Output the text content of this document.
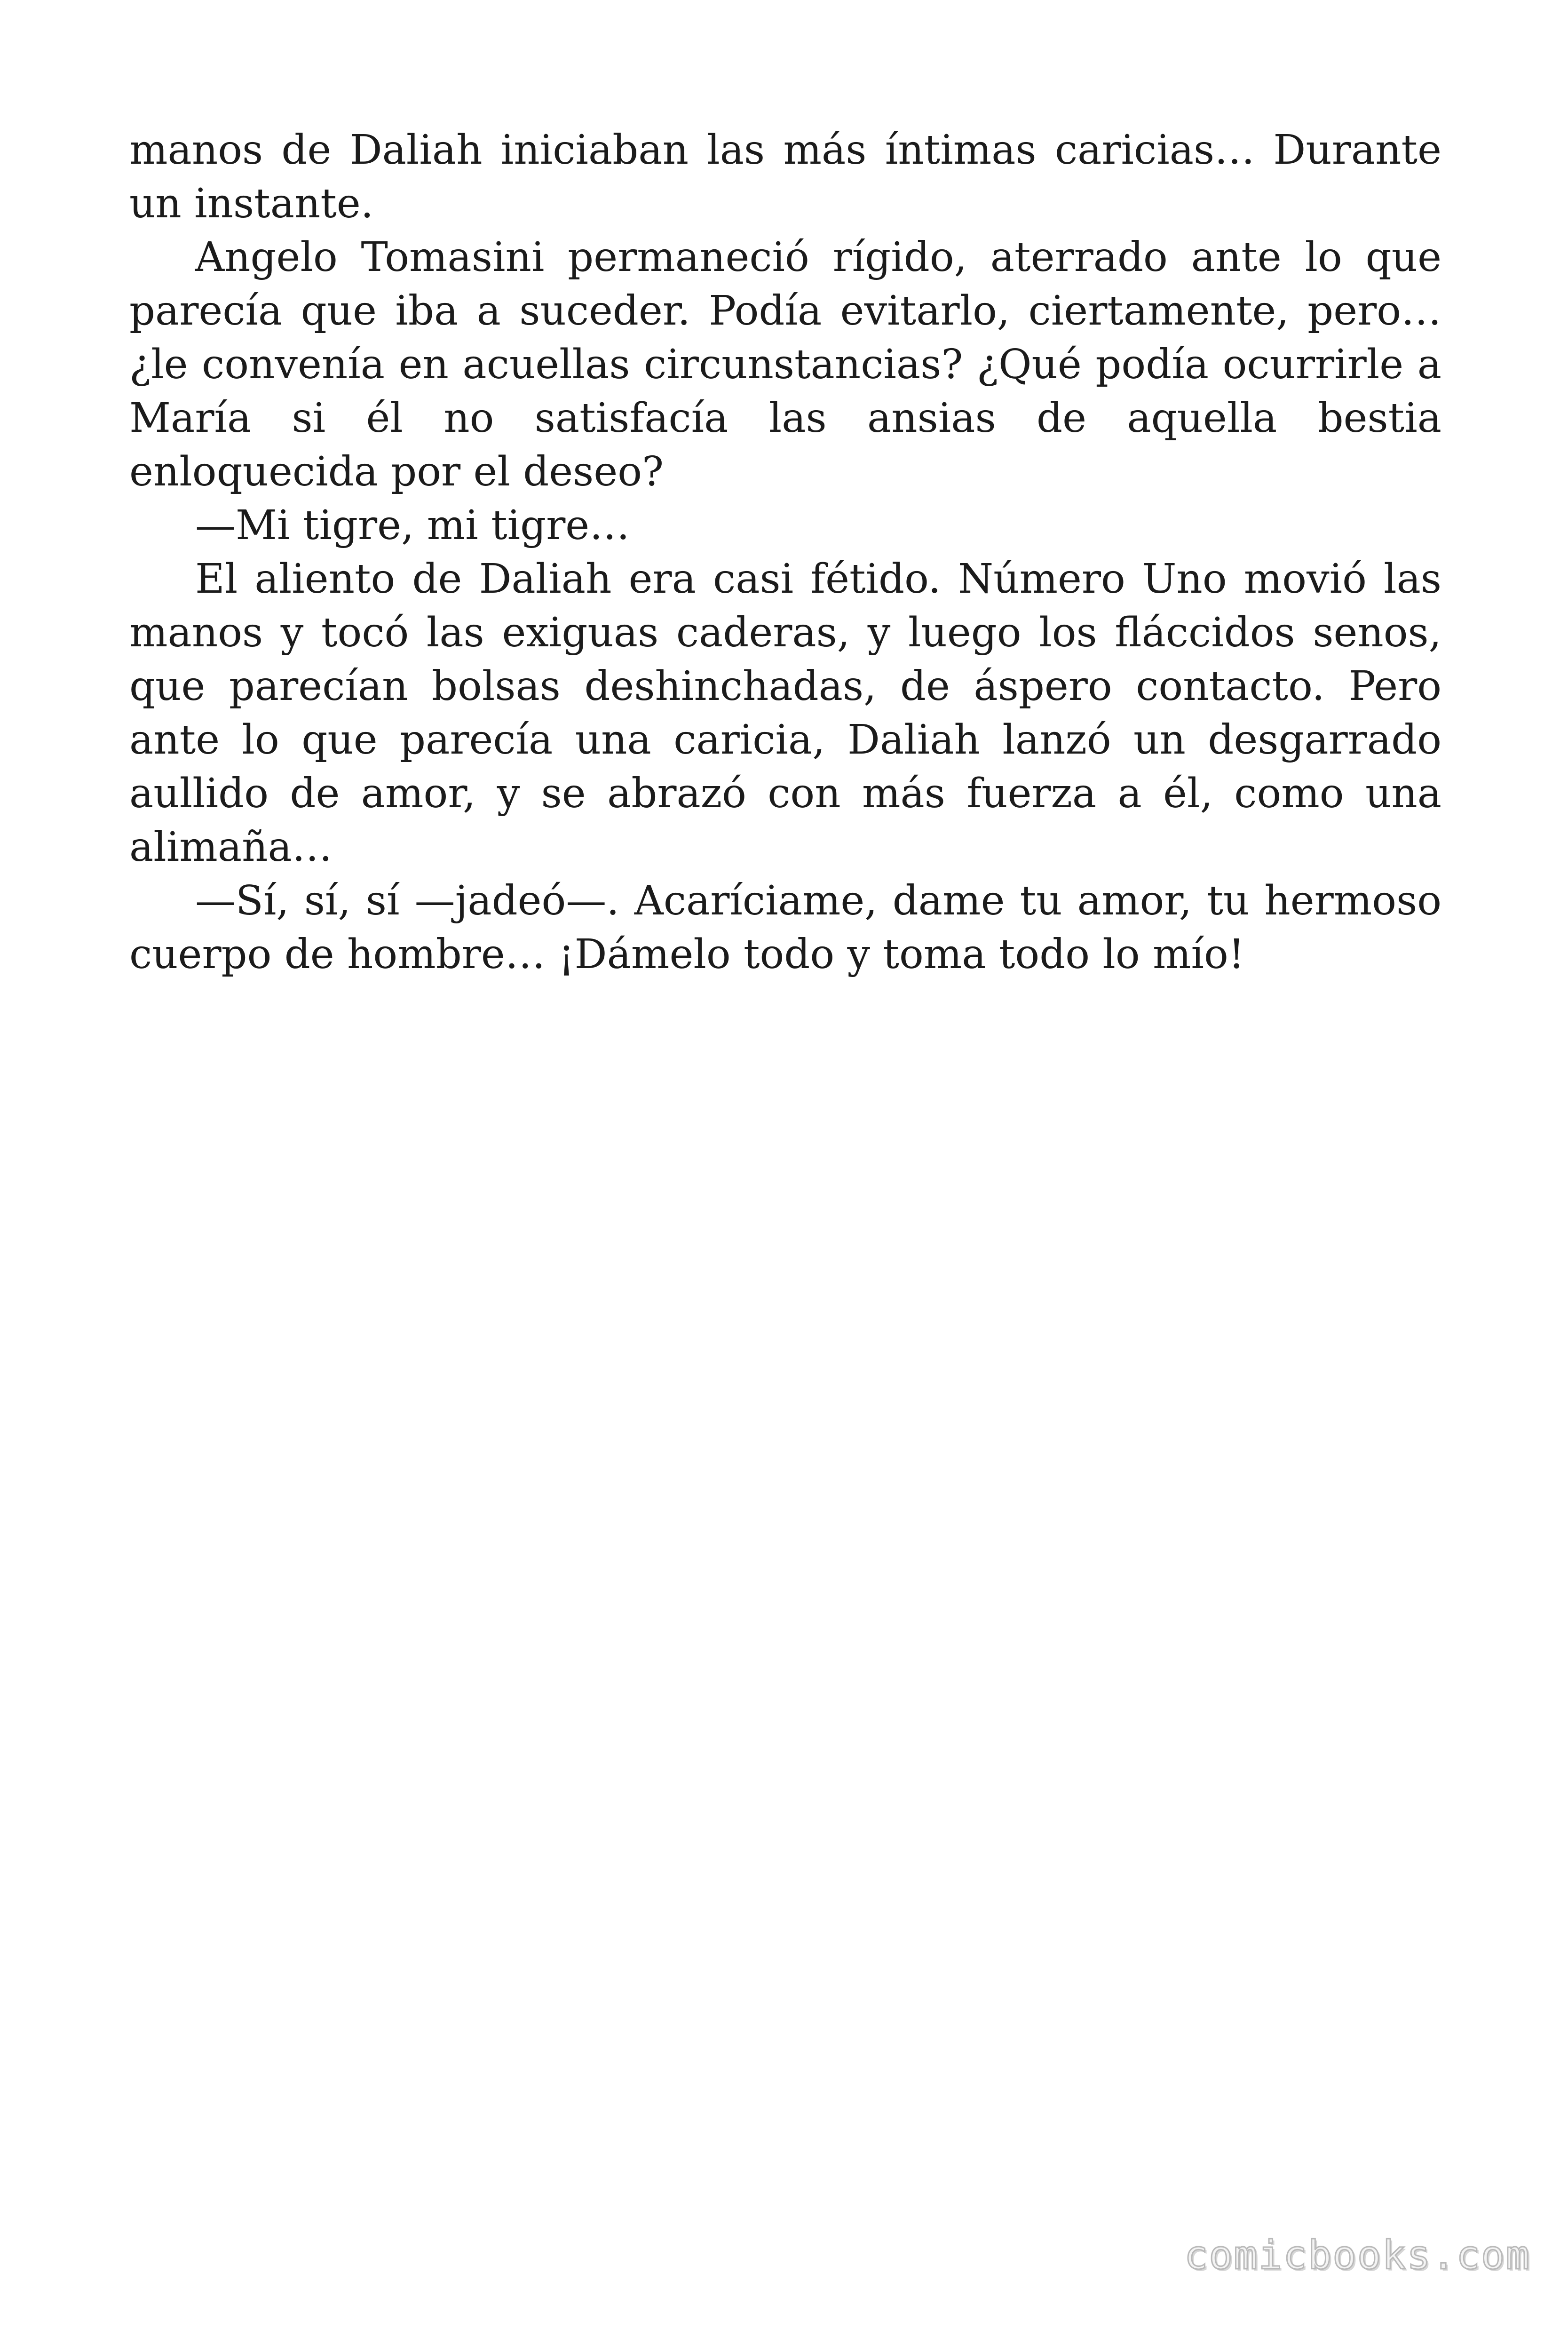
manos de Daliah iniciaban las más íntimas caricias… Durante un instante.

Angelo Tomasini permaneció rígido, aterrado ante lo que parecía que iba a suceder. Podía evitarlo, ciertamente, pero… ¿le convenía en acuellas circunstancias? ¿Qué podía ocurrirle a María si él no satisfacía las ansias de aquella bestia enloquecida por el deseo?

—Mi tigre, mi tigre…

El aliento de Daliah era casi fétido. Número Uno movió las manos y tocó las exiguas caderas, y luego los fláccidos senos, que parecían bolsas deshinchadas, de áspero contacto. Pero ante lo que parecía una caricia, Daliah lanzó un desgarrado aullido de amor, y se abrazó con más fuerza a él, como una alimaña…

—Sí, sí, sí —jadeó—. Acaríciame, dame tu amor, tu hermoso cuerpo de hombre… ¡Dámelo todo y toma todo lo mío!

comicbooks.com
